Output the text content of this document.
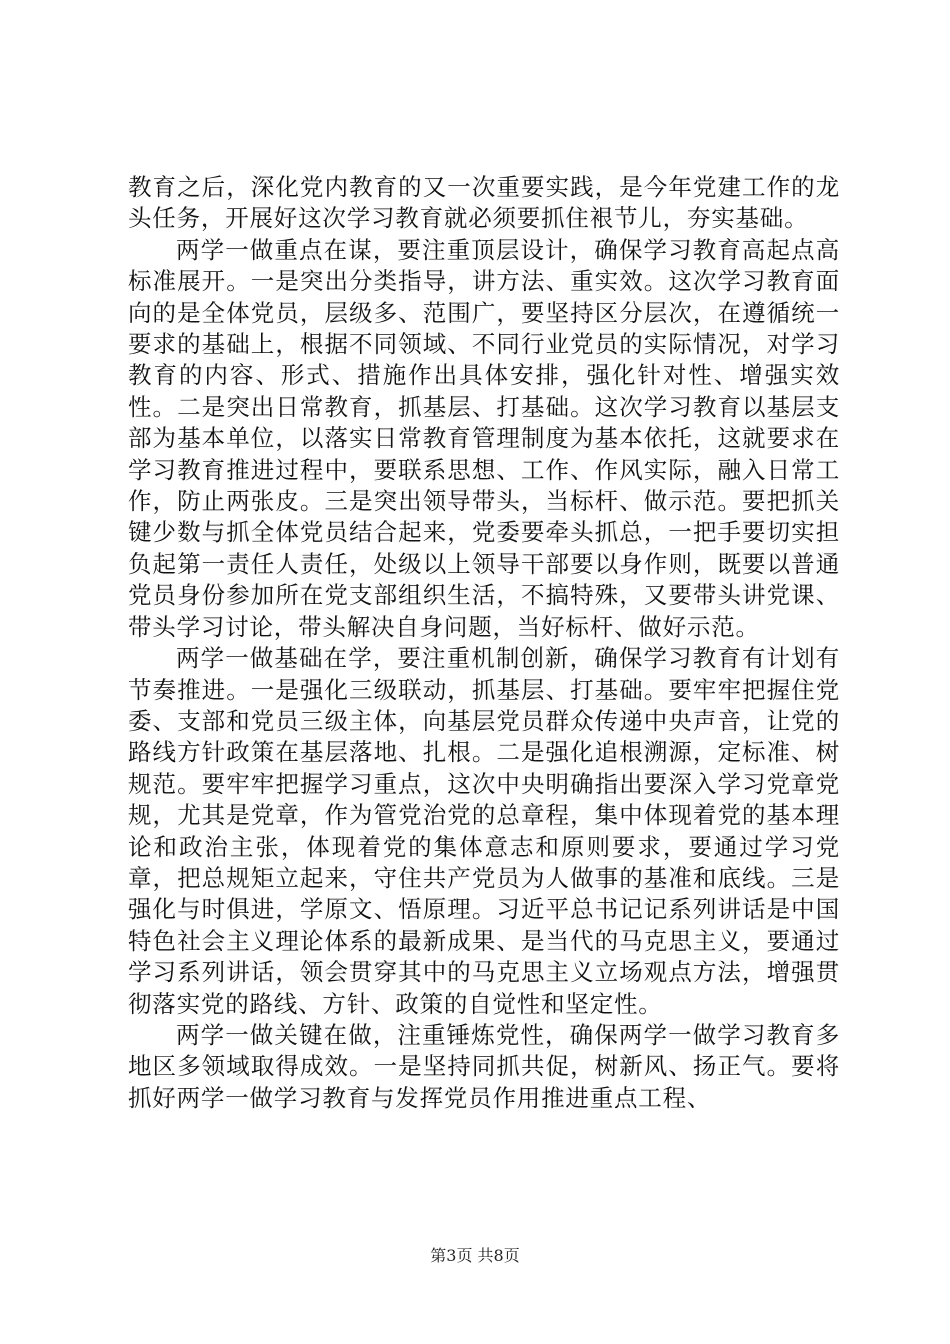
教育之后，深化党内教育的又一次重要实践，是今年党建工作的龙头任务，开展好这次学习教育就必须要抓住裉节儿，夯实基础。

两学一做重点在谋，要注重顶层设计，确保学习教育高起点高标准展开。一是突出分类指导，讲方法、重实效。这次学习教育面向的是全体党员，层级多、范围广，要坚持区分层次，在遵循统一要求的基础上，根据不同领域、不同行业党员的实际情况，对学习教育的内容、形式、措施作出具体安排，强化针对性、增强实效性。二是突出日常教育，抓基层、打基础。这次学习教育以基层支部为基本单位，以落实日常教育管理制度为基本依托，这就要求在学习教育推进过程中，要联系思想、工作、作风实际，融入日常工作，防止两张皮。三是突出领导带头，当标杆、做示范。要把抓关键少数与抓全体党员结合起来，党委要牵头抓总，一把手要切实担负起第一责任人责任，处级以上领导干部要以身作则，既要以普通党员身份参加所在党支部组织生活，不搞特殊，又要带头讲党课、带头学习讨论，带头解决自身问题，当好标杆、做好示范。

两学一做基础在学，要注重机制创新，确保学习教育有计划有节奏推进。一是强化三级联动，抓基层、打基础。要牢牢把握住党委、支部和党员三级主体，向基层党员群众传递中央声音，让党的路线方针政策在基层落地、扎根。二是强化追根溯源，定标准、树规范。要牢牢把握学习重点，这次中央明确指出要深入学习党章党规，尤其是党章，作为管党治党的总章程，集中体现着党的基本理论和政治主张，体现着党的集体意志和原则要求，要通过学习党章，把总规矩立起来，守住共产党员为人做事的基准和底线。三是强化与时俱进，学原文、悟原理。习近平总书记记系列讲话是中国特色社会主义理论体系的最新成果、是当代的马克思主义，要通过学习系列讲话，领会贯穿其中的马克思主义立场观点方法，增强贯彻落实党的路线、方针、政策的自觉性和坚定性。

两学一做关键在做，注重锤炼党性，确保两学一做学习教育多地区多领域取得成效。一是坚持同抓共促，树新风、扬正气。要将抓好两学一做学习教育与发挥党员作用推进重点工程、

第3页 共8页
